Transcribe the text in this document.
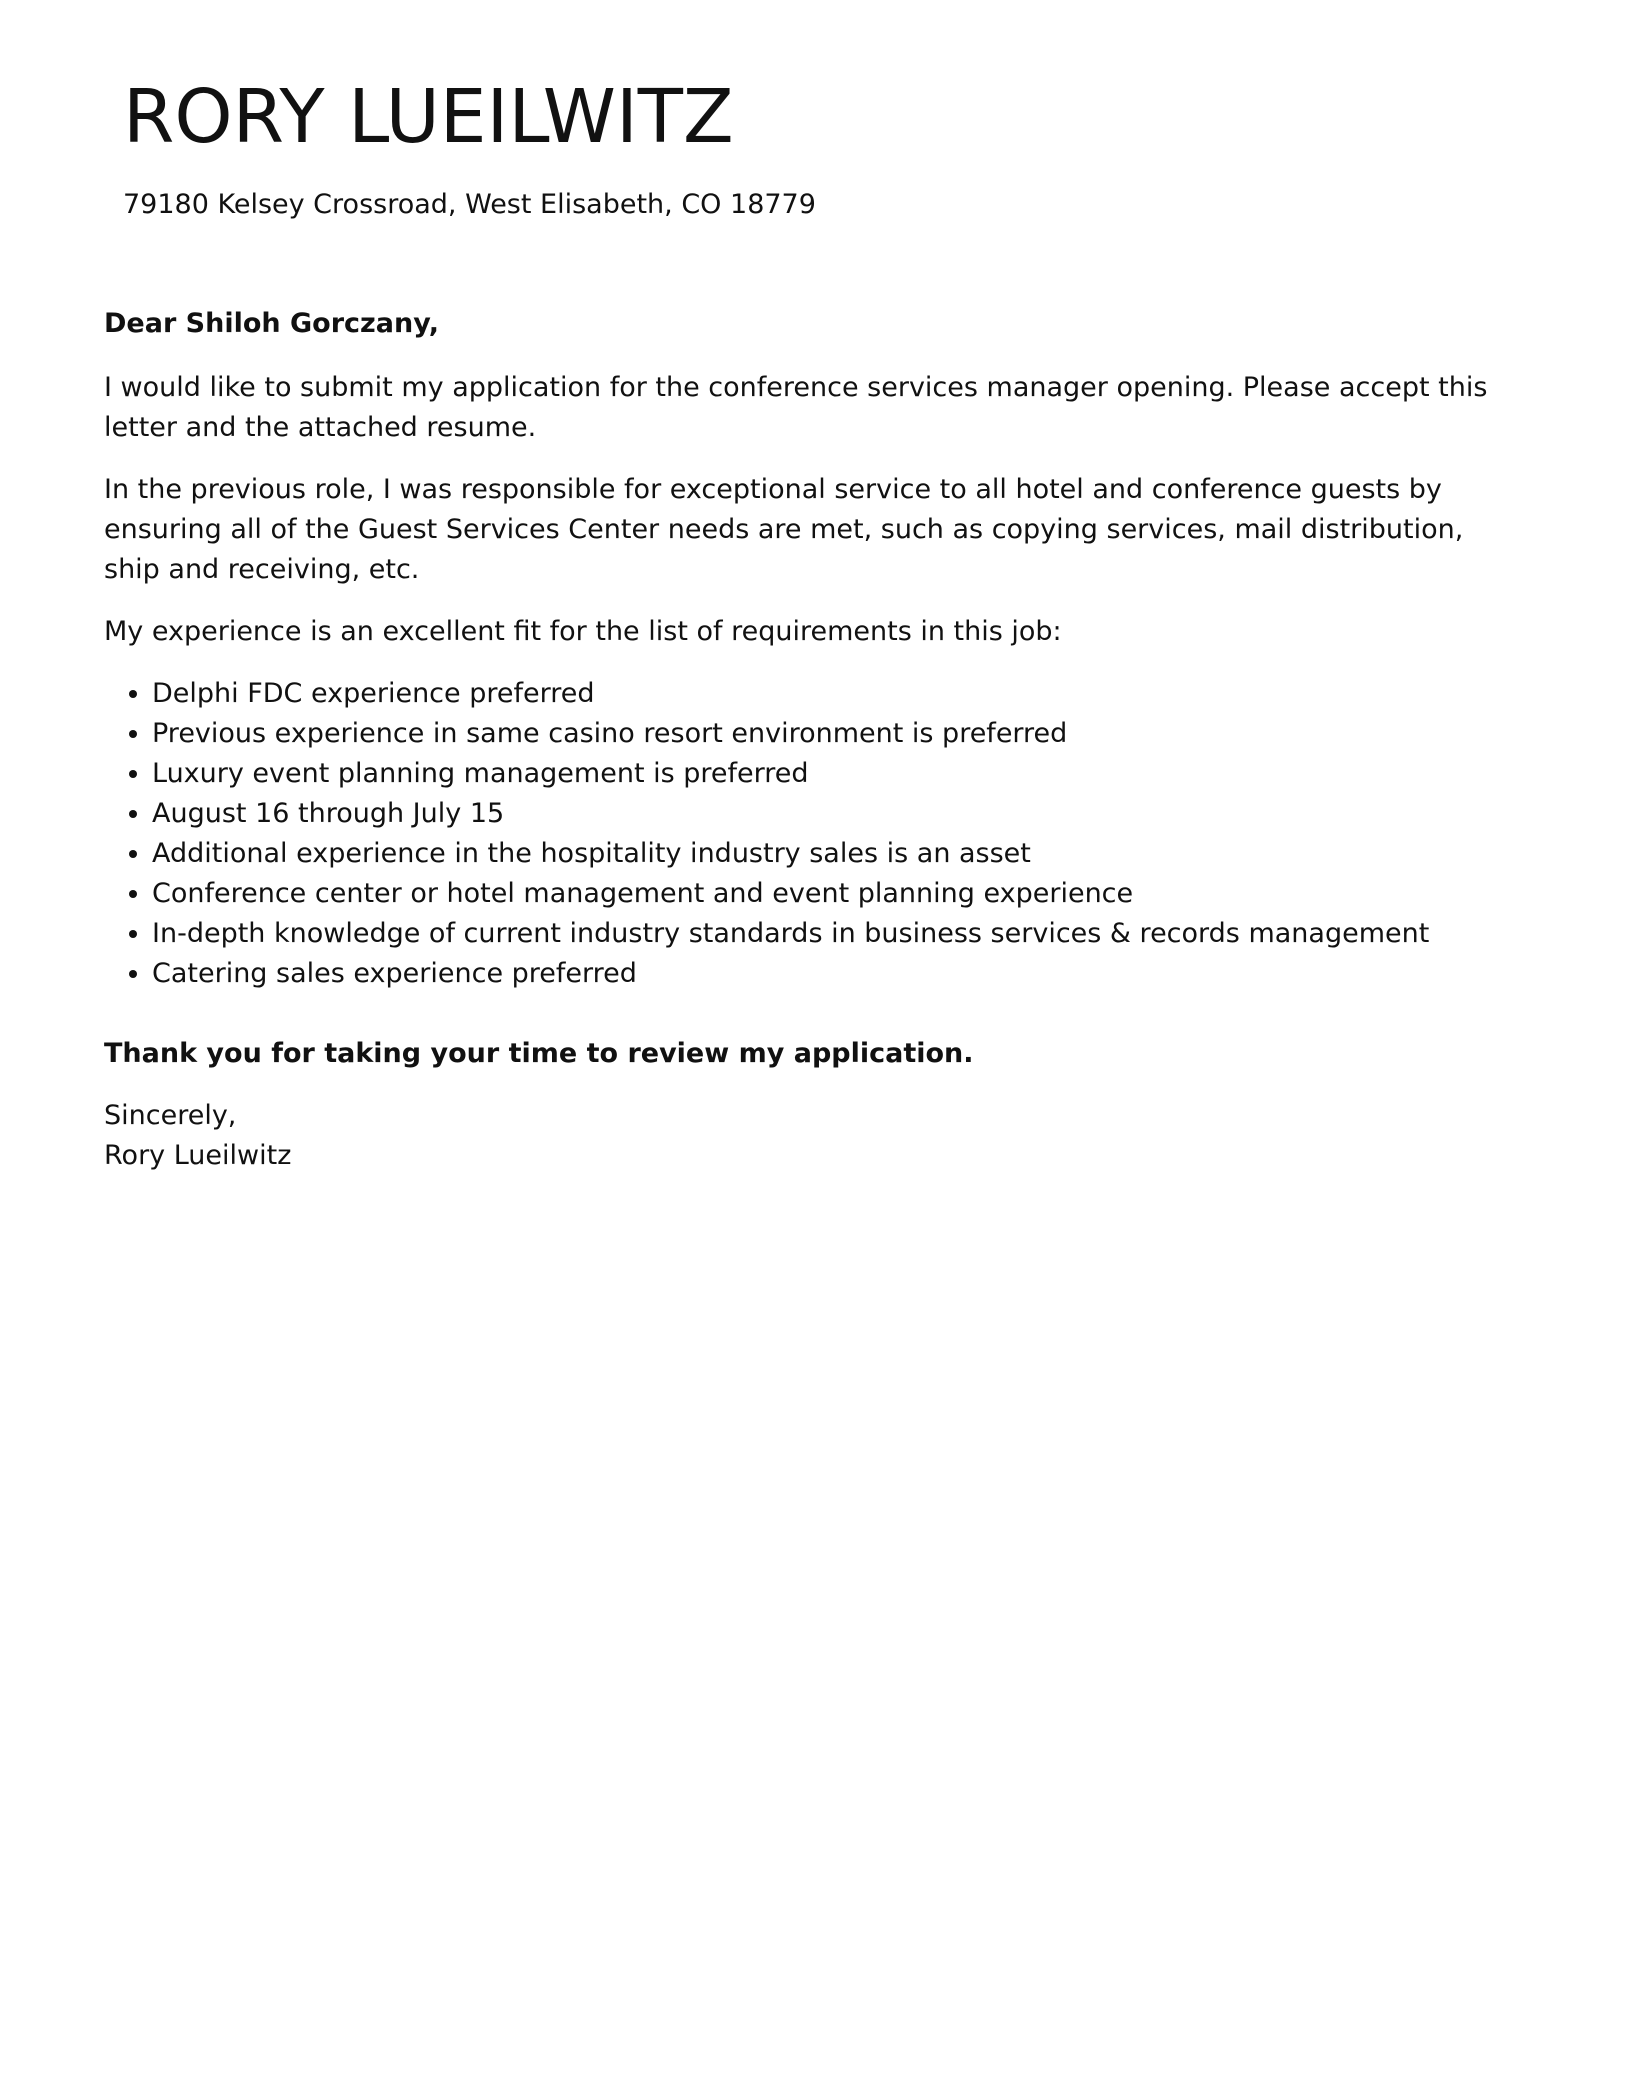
RORY LUEILWITZ

79180 Kelsey Crossroad, West Elisabeth, CO 18779

Dear Shiloh Gorczany,

I would like to submit my application for the conference services manager opening. Please accept this letter and the attached resume.

In the previous role, I was responsible for exceptional service to all hotel and conference guests by ensuring all of the Guest Services Center needs are met, such as copying services, mail distribution, ship and receiving, etc.

My experience is an excellent fit for the list of requirements in this job:

• Delphi FDC experience preferred
• Previous experience in same casino resort environment is preferred
• Luxury event planning management is preferred
• August 16 through July 15
• Additional experience in the hospitality industry sales is an asset
• Conference center or hotel management and event planning experience
• In-depth knowledge of current industry standards in business services & records management
• Catering sales experience preferred

Thank you for taking your time to review my application.

Sincerely,

Rory Lueilwitz
